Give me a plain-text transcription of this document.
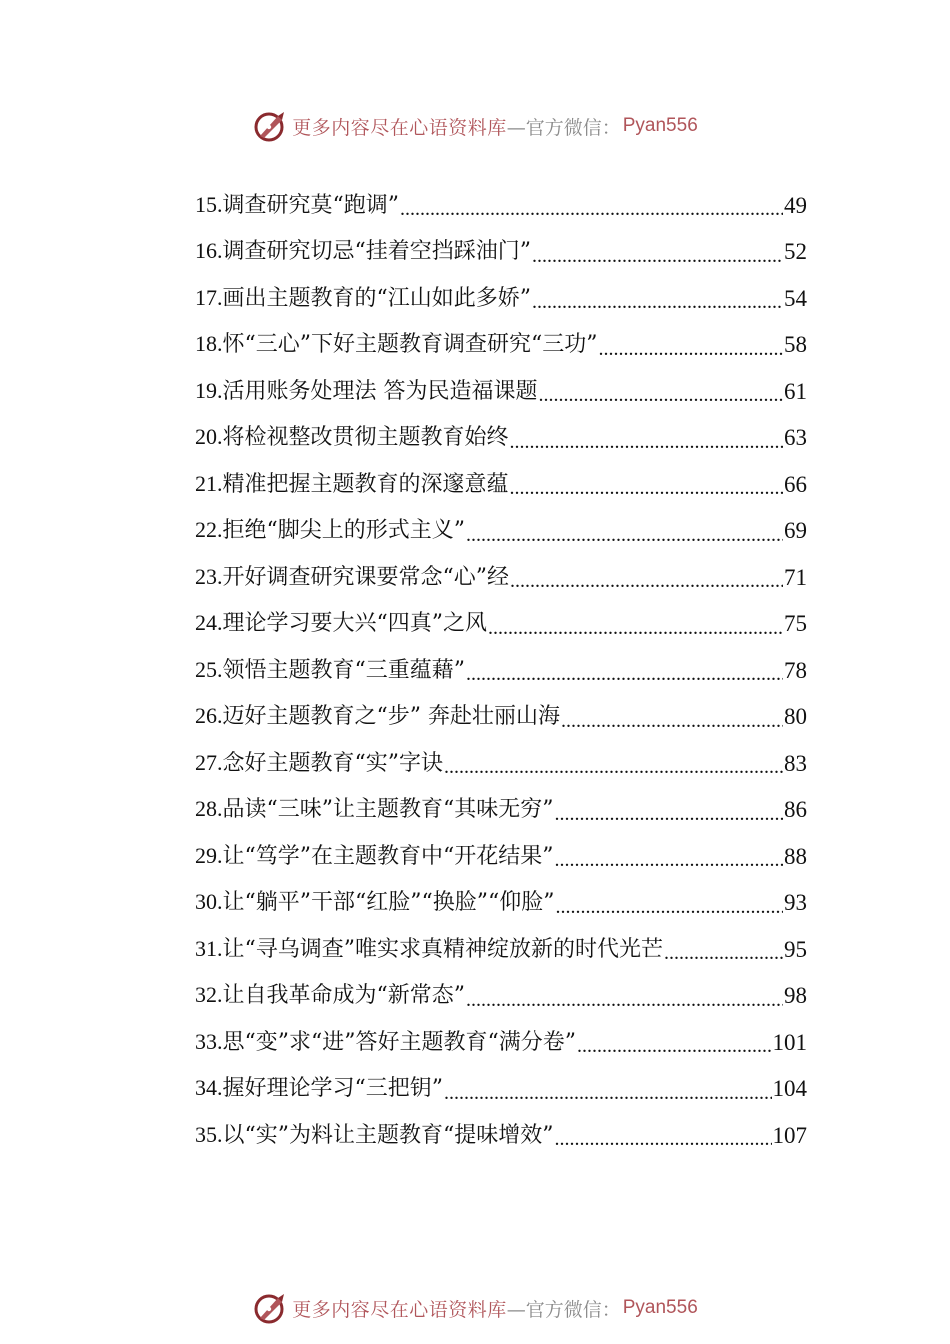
更多内容尽在心语资料库 —官方微信： Pyan556
15.调查研究莫“跑调” .....	49
16.调查研究切忌“挂着空挡踩油门” .....	52
17.画出主题教育的“江山如此多娇” .....	54
18.怀“三心”下好主题教育调查研究“三功” .....	58
19.活用账务处理法 答为民造福课题 .....	61
20.将检视整改贯彻主题教育始终 .....	63
21.精准把握主题教育的深邃意蕴 .....	66
22.拒绝“脚尖上的形式主义” .....	69
23.开好调查研究课要常念“心”经 .....	71
24.理论学习要大兴“四真”之风 .....	75
25.领悟主题教育“三重蕴藉” .....	78
26.迈好主题教育之“步” 奔赴壮丽山海 .....	80
27.念好主题教育“实”字诀 .....	83
28.品读“三味”让主题教育“其味无穷” .....	86
29.让“笃学”在主题教育中“开花结果” .....	88
30.让“躺平”干部“红脸”“换脸”“仰脸” .....	93
31.让“寻乌调查”唯实求真精神绽放新的时代光芒 .....	95
32.让自我革命成为“新常态” .....	98
33.思“变”求“进”答好主题教育“满分卷” .....	101
34.握好理论学习“三把钥” .....	104
35.以“实”为料让主题教育“提味增效” .....	107
更多内容尽在心语资料库 —官方微信： Pyan556
